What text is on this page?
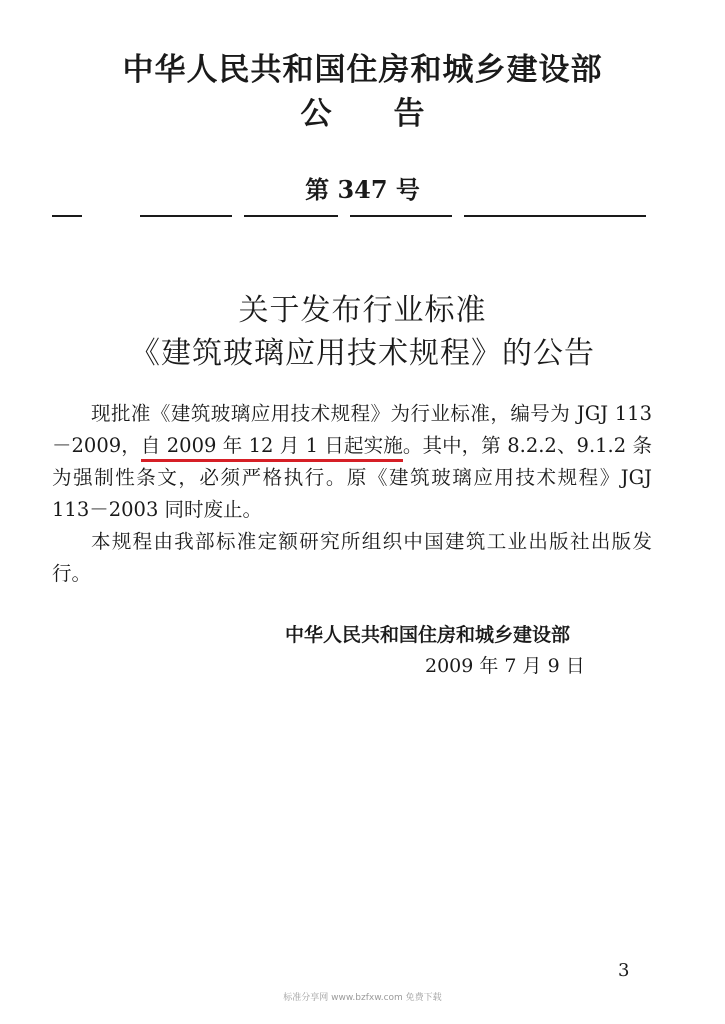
中华人民共和国住房和城乡建设部
公告
第 347 号
关于发布行业标准
《建筑玻璃应用技术规程》的公告

现批准《建筑玻璃应用技术规程》为行业标准，编号为 JGJ 113－2009，自 2009 年 12 月 1 日起实施。其中，第 8.2.2、9.1.2 条为强制性条文，必须严格执行。原《建筑玻璃应用技术规程》JGJ 113－2003 同时废止。

本规程由我部标准定额研究所组织中国建筑工业出版社出版发行。

中华人民共和国住房和城乡建设部
2009 年 7 月 9 日
3
标准分享网 www.bzfxw.com 免费下载
